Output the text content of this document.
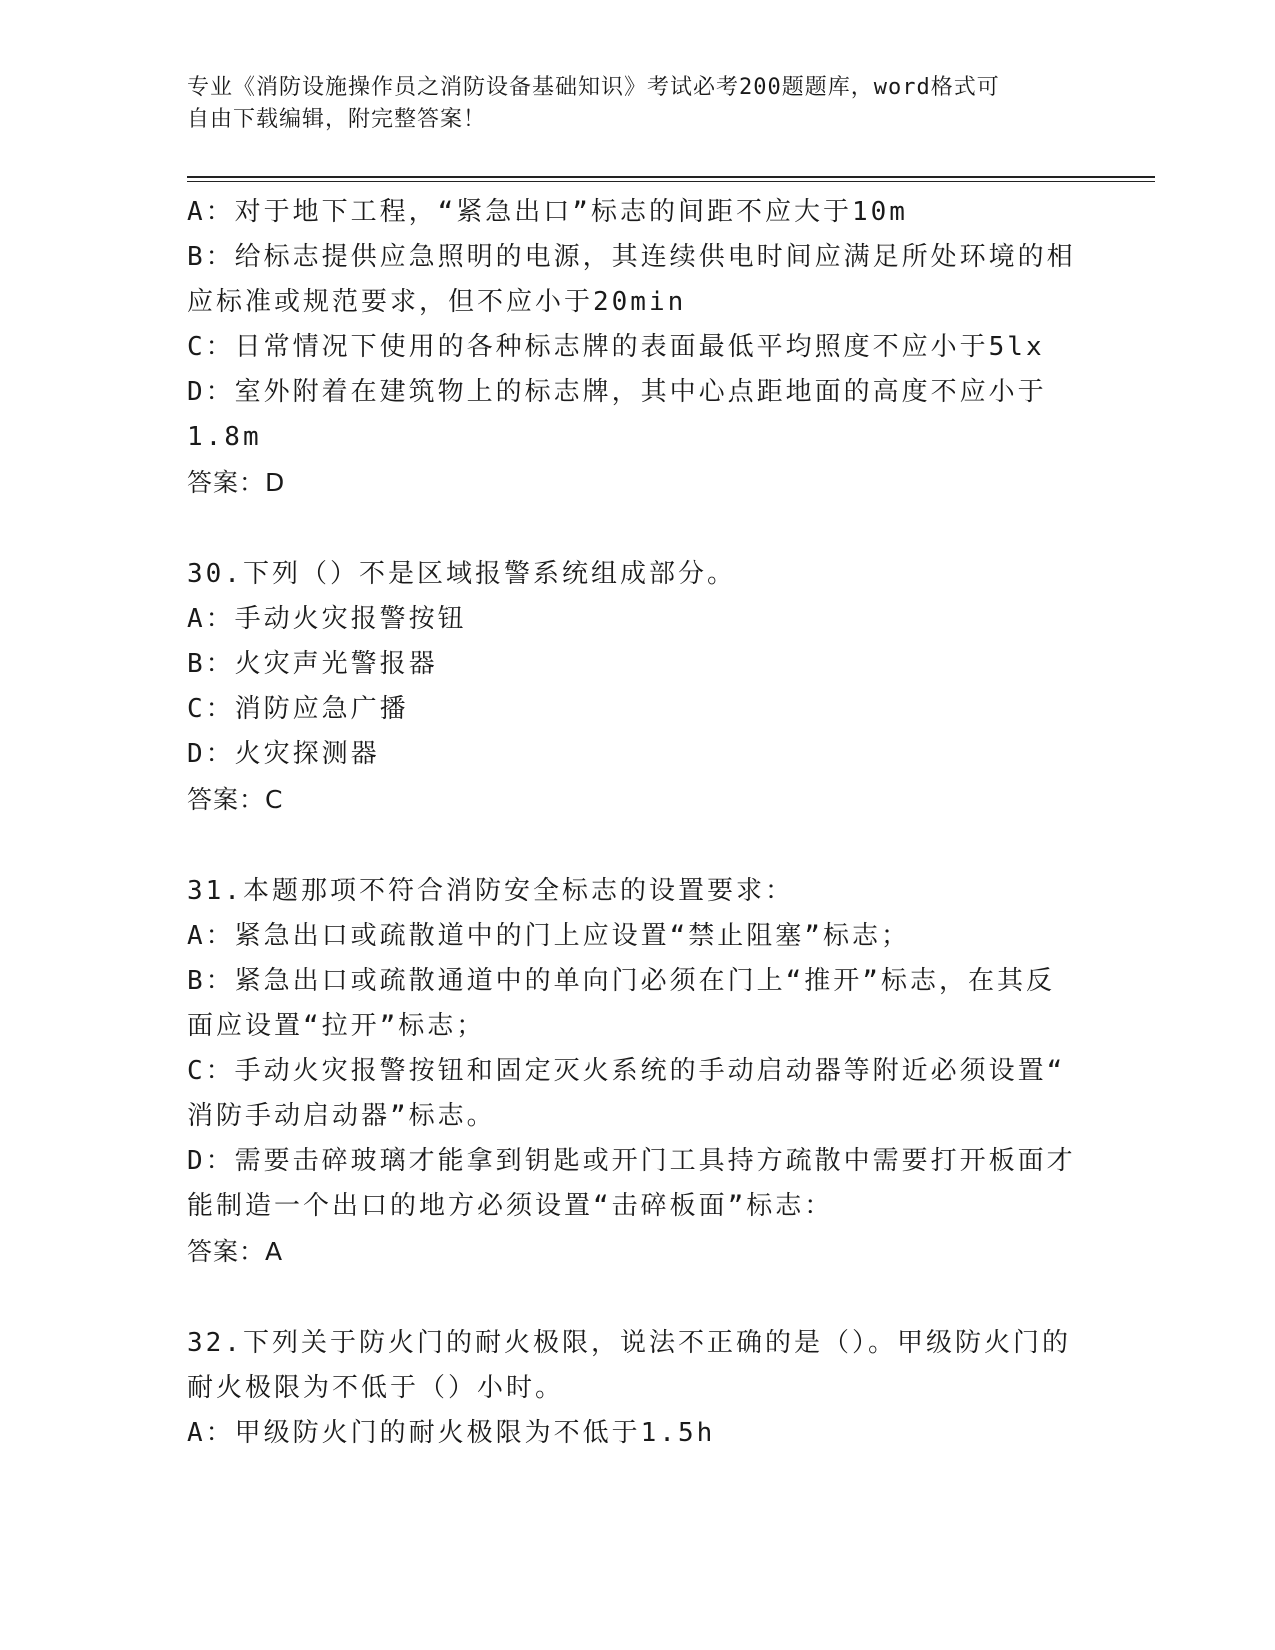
专业《消防设施操作员之消防设备基础知识》考试必考200题题库，word格式可
自由下载编辑，附完整答案！
A：对于地下工程，“紧急出口”标志的间距不应大于10m
B：给标志提供应急照明的电源，其连续供电时间应满足所处环境的相
应标准或规范要求，但不应小于20min
C：日常情况下使用的各种标志牌的表面最低平均照度不应小于5lx
D：室外附着在建筑物上的标志牌，其中心点距地面的高度不应小于
1.8m
答案：D
30.下列（）不是区域报警系统组成部分。
A：手动火灾报警按钮
B：火灾声光警报器
C：消防应急广播
D：火灾探测器
答案：C
31.本题那项不符合消防安全标志的设置要求：
A：紧急出口或疏散道中的门上应设置“禁止阻塞”标志；
B：紧急出口或疏散通道中的单向门必须在门上“推开”标志，在其反
面应设置“拉开”标志；
C：手动火灾报警按钮和固定灭火系统的手动启动器等附近必须设置“
消防手动启动器”标志。
D：需要击碎玻璃才能拿到钥匙或开门工具持方疏散中需要打开板面才
能制造一个出口的地方必须设置“击碎板面”标志：
答案：A
32.下列关于防火门的耐火极限，说法不正确的是（）。甲级防火门的
耐火极限为不低于（）小时。
A：甲级防火门的耐火极限为不低于1.5h
